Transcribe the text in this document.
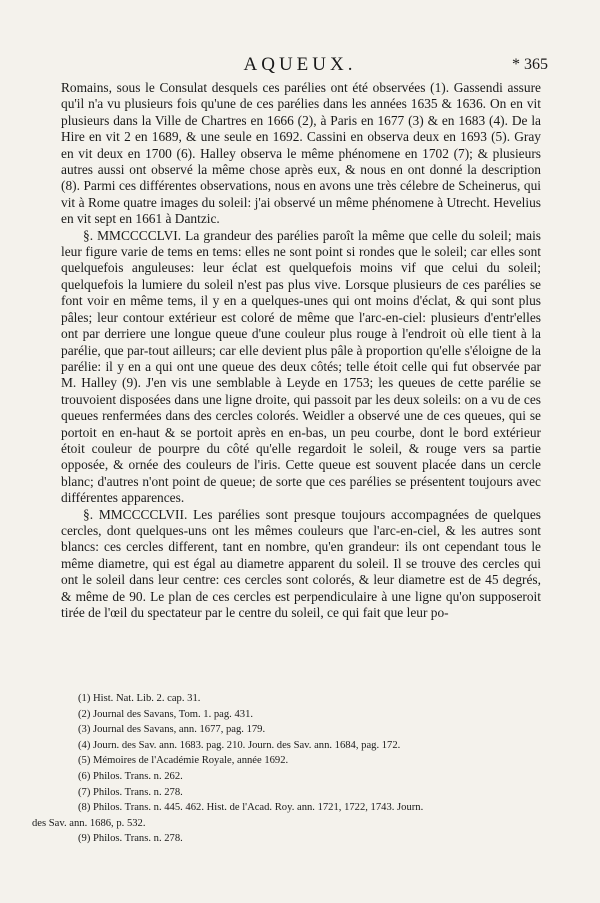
AQUEUX.	* 365

Romains, sous le Consulat desquels ces parélies ont été observées (1). Gassendi assure qu'il n'a vu plusieurs fois qu'une de ces parélies dans les années 1635 & 1636. On en vit plusieurs dans la Ville de Chartres en 1666 (2), à Paris en 1677 (3) & en 1683 (4). De la Hire en vit 2 en 1689, & une seule en 1692. Cassini en observa deux en 1693 (5). Gray en vit deux en 1700 (6). Halley observa le même phénomene en 1702 (7); & plusieurs autres aussi ont observé la même chose après eux, & nous en ont donné la description (8). Parmi ces différentes observations, nous en avons une très célebre de Scheinerus, qui vit à Rome quatre images du soleil: j'ai observé un même phénomene à Utrecht. Hevelius en vit sept en 1661 à Dantzic.

§. MMCCCCLVI. La grandeur des parélies paroît la même que celle du soleil; mais leur figure varie de tems en tems: elles ne sont point si rondes que le soleil; car elles sont quelquefois anguleuses: leur éclat est quelquefois moins vif que celui du soleil; quelquefois la lumiere du soleil n'est pas plus vive. Lorsque plusieurs de ces parélies se font voir en même tems, il y en a quelques-unes qui ont moins d'éclat, & qui sont plus pâles; leur contour extérieur est coloré de même que l'arc-en-ciel: plusieurs d'entr'elles ont par derriere une longue queue d'une couleur plus rouge à l'endroit où elle tient à la parélie, que par-tout ailleurs; car elle devient plus pâle à proportion qu'elle s'éloigne de la parélie: il y en a qui ont une queue des deux côtés; telle étoit celle qui fut observée par M. Halley (9). J'en vis une semblable à Leyde en 1753; les queues de cette parélie se trouvoient disposées dans une ligne droite, qui passoit par les deux soleils: on a vu de ces queues renfermées dans des cercles colorés. Weidler a observé une de ces queues, qui se portoit en en-haut & se portoit après en en-bas, un peu courbe, dont le bord extérieur étoit couleur de pourpre du côté qu'elle regardoit le soleil, & rouge vers sa partie opposée, & ornée des couleurs de l'iris. Cette queue est souvent placée dans un cercle blanc; d'autres n'ont point de queue; de sorte que ces parélies se présentent toujours avec différentes apparences.

§. MMCCCCLVII. Les parélies sont presque toujours accompagnées de quelques cercles, dont quelques-uns ont les mêmes couleurs que l'arc-en-ciel, & les autres sont blancs: ces cercles different, tant en nombre, qu'en grandeur: ils ont cependant tous le même diametre, qui est égal au diametre apparent du soleil. Il se trouve des cercles qui ont le soleil dans leur centre: ces cercles sont colorés, & leur diametre est de 45 degrés, & même de 90. Le plan de ces cercles est perpendiculaire à une ligne qu'on supposeroit tirée de l'œil du spectateur par le centre du soleil, ce qui fait que leur po-

(1) Hist. Nat. Lib. 2. cap. 31.
(2) Journal des Savans, Tom. 1. pag. 431.
(3) Journal des Savans, ann. 1677, pag. 179.
(4) Journ. des Sav. ann. 1683. pag. 210. Journ. des Sav. ann. 1684, pag. 172.
(5) Mémoires de l'Académie Royale, année 1692.
(6) Philos. Trans. n. 262.
(7) Philos. Trans. n. 278.
(8) Philos. Trans. n. 445. 462. Hist. de l'Acad. Roy. ann. 1721, 1722, 1743. Journ.
des Sav. ann. 1686, p. 532.
(9) Philos. Trans. n. 278.
